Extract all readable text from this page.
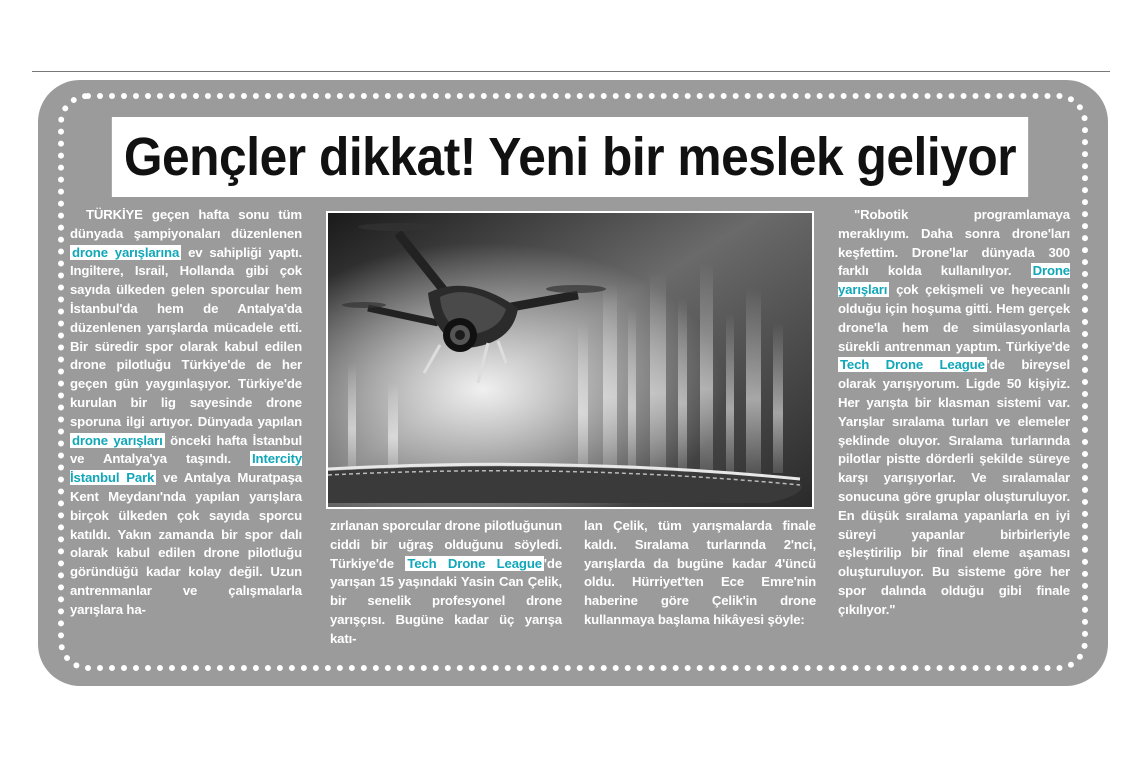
Gençler dikkat! Yeni bir meslek geliyor

TÜRKİYE geçen hafta sonu tüm dünyada şampiyonaları düzenlenen drone yarışlarına ev sahipliği yaptı. Ingiltere, Israil, Hollanda gibi çok sayıda ülkeden gelen sporcular hem İstanbul'da hem de Antalya'da düzenlenen yarışlarda mücadele etti. Bir süredir spor olarak kabul edilen drone pilotluğu Türkiye'de de her geçen gün yaygınlaşıyor. Türkiye'de kurulan bir lig sayesinde drone sporuna ilgi artıyor. Dünyada yapılan drone yarışları önceki hafta İstanbul ve Antalya'ya taşındı. Intercity İstanbul Park ve Antalya Muratpaşa Kent Meydanı'nda yapılan yarışlara birçok ülkeden çok sayıda sporcu katıldı. Yakın zamanda bir spor dalı olarak kabul edilen drone pilotluğu göründüğü kadar kolay değil. Uzun antrenmanlar ve çalışmalarla yarışlara ha-

zırlanan sporcular drone pilotluğunun ciddi bir uğraş olduğunu söyledi. Türkiye'de Tech Drone League 'de yarışan 15 yaşındaki Yasin Can Çelik, bir senelik profesyonel drone yarışçısı. Bugüne kadar üç yarışa katı-

lan Çelik, tüm yarışmalarda finale kaldı. Sıralama turlarında 2'nci, yarışlarda da bugüne kadar 4'üncü oldu. Hürriyet'ten Ece Emre'nin haberine göre Çelik'in drone kullanmaya başlama hikâyesi şöyle:

"Robotik programlamaya meraklıyım. Daha sonra drone'ları keşfettim. Drone'lar dünyada 300 farklı kolda kullanılıyor. Drone yarışları çok çekişmeli ve heyecanlı olduğu için hoşuma gitti. Hem gerçek drone'la hem de simülasyonlarla sürekli antrenman yaptım. Türkiye'de Tech Drone League 'de bireysel olarak yarışıyorum. Ligde 50 kişiyiz. Her yarışta bir klasman sistemi var. Yarışlar sıralama turları ve elemeler şeklinde oluyor. Sıralama turlarında pilotlar pistte dörderli şekilde süreye karşı yarışıyorlar. Ve sıralamalar sonucuna göre gruplar oluşturuluyor. En düşük sıralama yapanlarla en iyi süreyi yapanlar birbirleriyle eşleştirilip bir final eleme aşaması oluşturuluyor. Bu sisteme göre her spor dalında olduğu gibi finale çıkılıyor."
